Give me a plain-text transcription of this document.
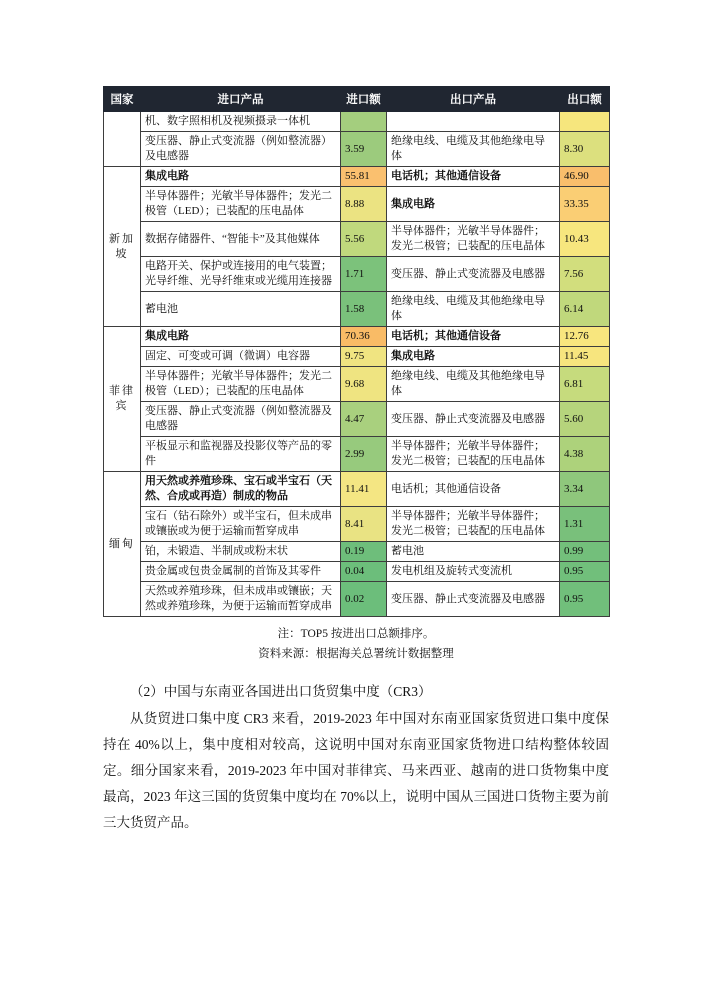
国家	进口产品	进口额	出口产品	出口额
	机、数字照相机及视频摄录一体机			
	变压器、静止式变流器（例如整流器）及电感器	3.59	绝缘电线、电缆及其他绝缘电导体	8.30
新加坡	集成电路	55.81	电话机；其他通信设备	46.90
	半导体器件；光敏半导体器件；发光二极管（LED）；已装配的压电晶体	8.88	集成电路	33.35
	数据存储器件、“智能卡”及其他媒体	5.56	半导体器件；光敏半导体器件；发光二极管；已装配的压电晶体	10.43
	电路开关、保护或连接用的电气装置；光导纤维、光导纤维束或光缆用连接器	1.71	变压器、静止式变流器及电感器	7.56
	蓄电池	1.58	绝缘电线、电缆及其他绝缘电导体	6.14
菲律宾	集成电路	70.36	电话机；其他通信设备	12.76
	固定、可变或可调（微调）电容器	9.75	集成电路	11.45
	半导体器件；光敏半导体器件；发光二极管（LED）；已装配的压电晶体	9.68	绝缘电线、电缆及其他绝缘电导体	6.81
	变压器、静止式变流器（例如整流器及电感器	4.47	变压器、静止式变流器及电感器	5.60
	平板显示和监视器及投影仪等产品的零件	2.99	半导体器件；光敏半导体器件；发光二极管；已装配的压电晶体	4.38
缅甸	用天然或养殖珍珠、宝石或半宝石（天然、合成或再造）制成的物品	11.41	电话机；其他通信设备	3.34
	宝石（钻石除外）或半宝石，但未成串或镶嵌或为便于运输而暂穿成串	8.41	半导体器件；光敏半导体器件；发光二极管；已装配的压电晶体	1.31
	铂，未锻造、半制成或粉末状	0.19	蓄电池	0.99
	贵金属或包贵金属制的首饰及其零件	0.04	发电机组及旋转式变流机	0.95
	天然或养殖珍珠，但未成串或镶嵌；天然或养殖珍珠，为便于运输而暂穿成串	0.02	变压器、静止式变流器及电感器	0.95
注：TOP5 按进出口总额排序。
资料来源：根据海关总署统计数据整理
（2）中国与东南亚各国进出口货贸集中度（CR3）
从货贸进口集中度 CR3 来看，2019-2023 年中国对东南亚国家货贸进口集中度保持在 40%以上，集中度相对较高，这说明中国对东南亚国家货物进口结构整体较固定。细分国家来看，2019-2023 年中国对菲律宾、马来西亚、越南的进口货物集中度最高，2023 年这三国的货贸集中度均在 70%以上，说明中国从三国进口货物主要为前三大货贸产品。
